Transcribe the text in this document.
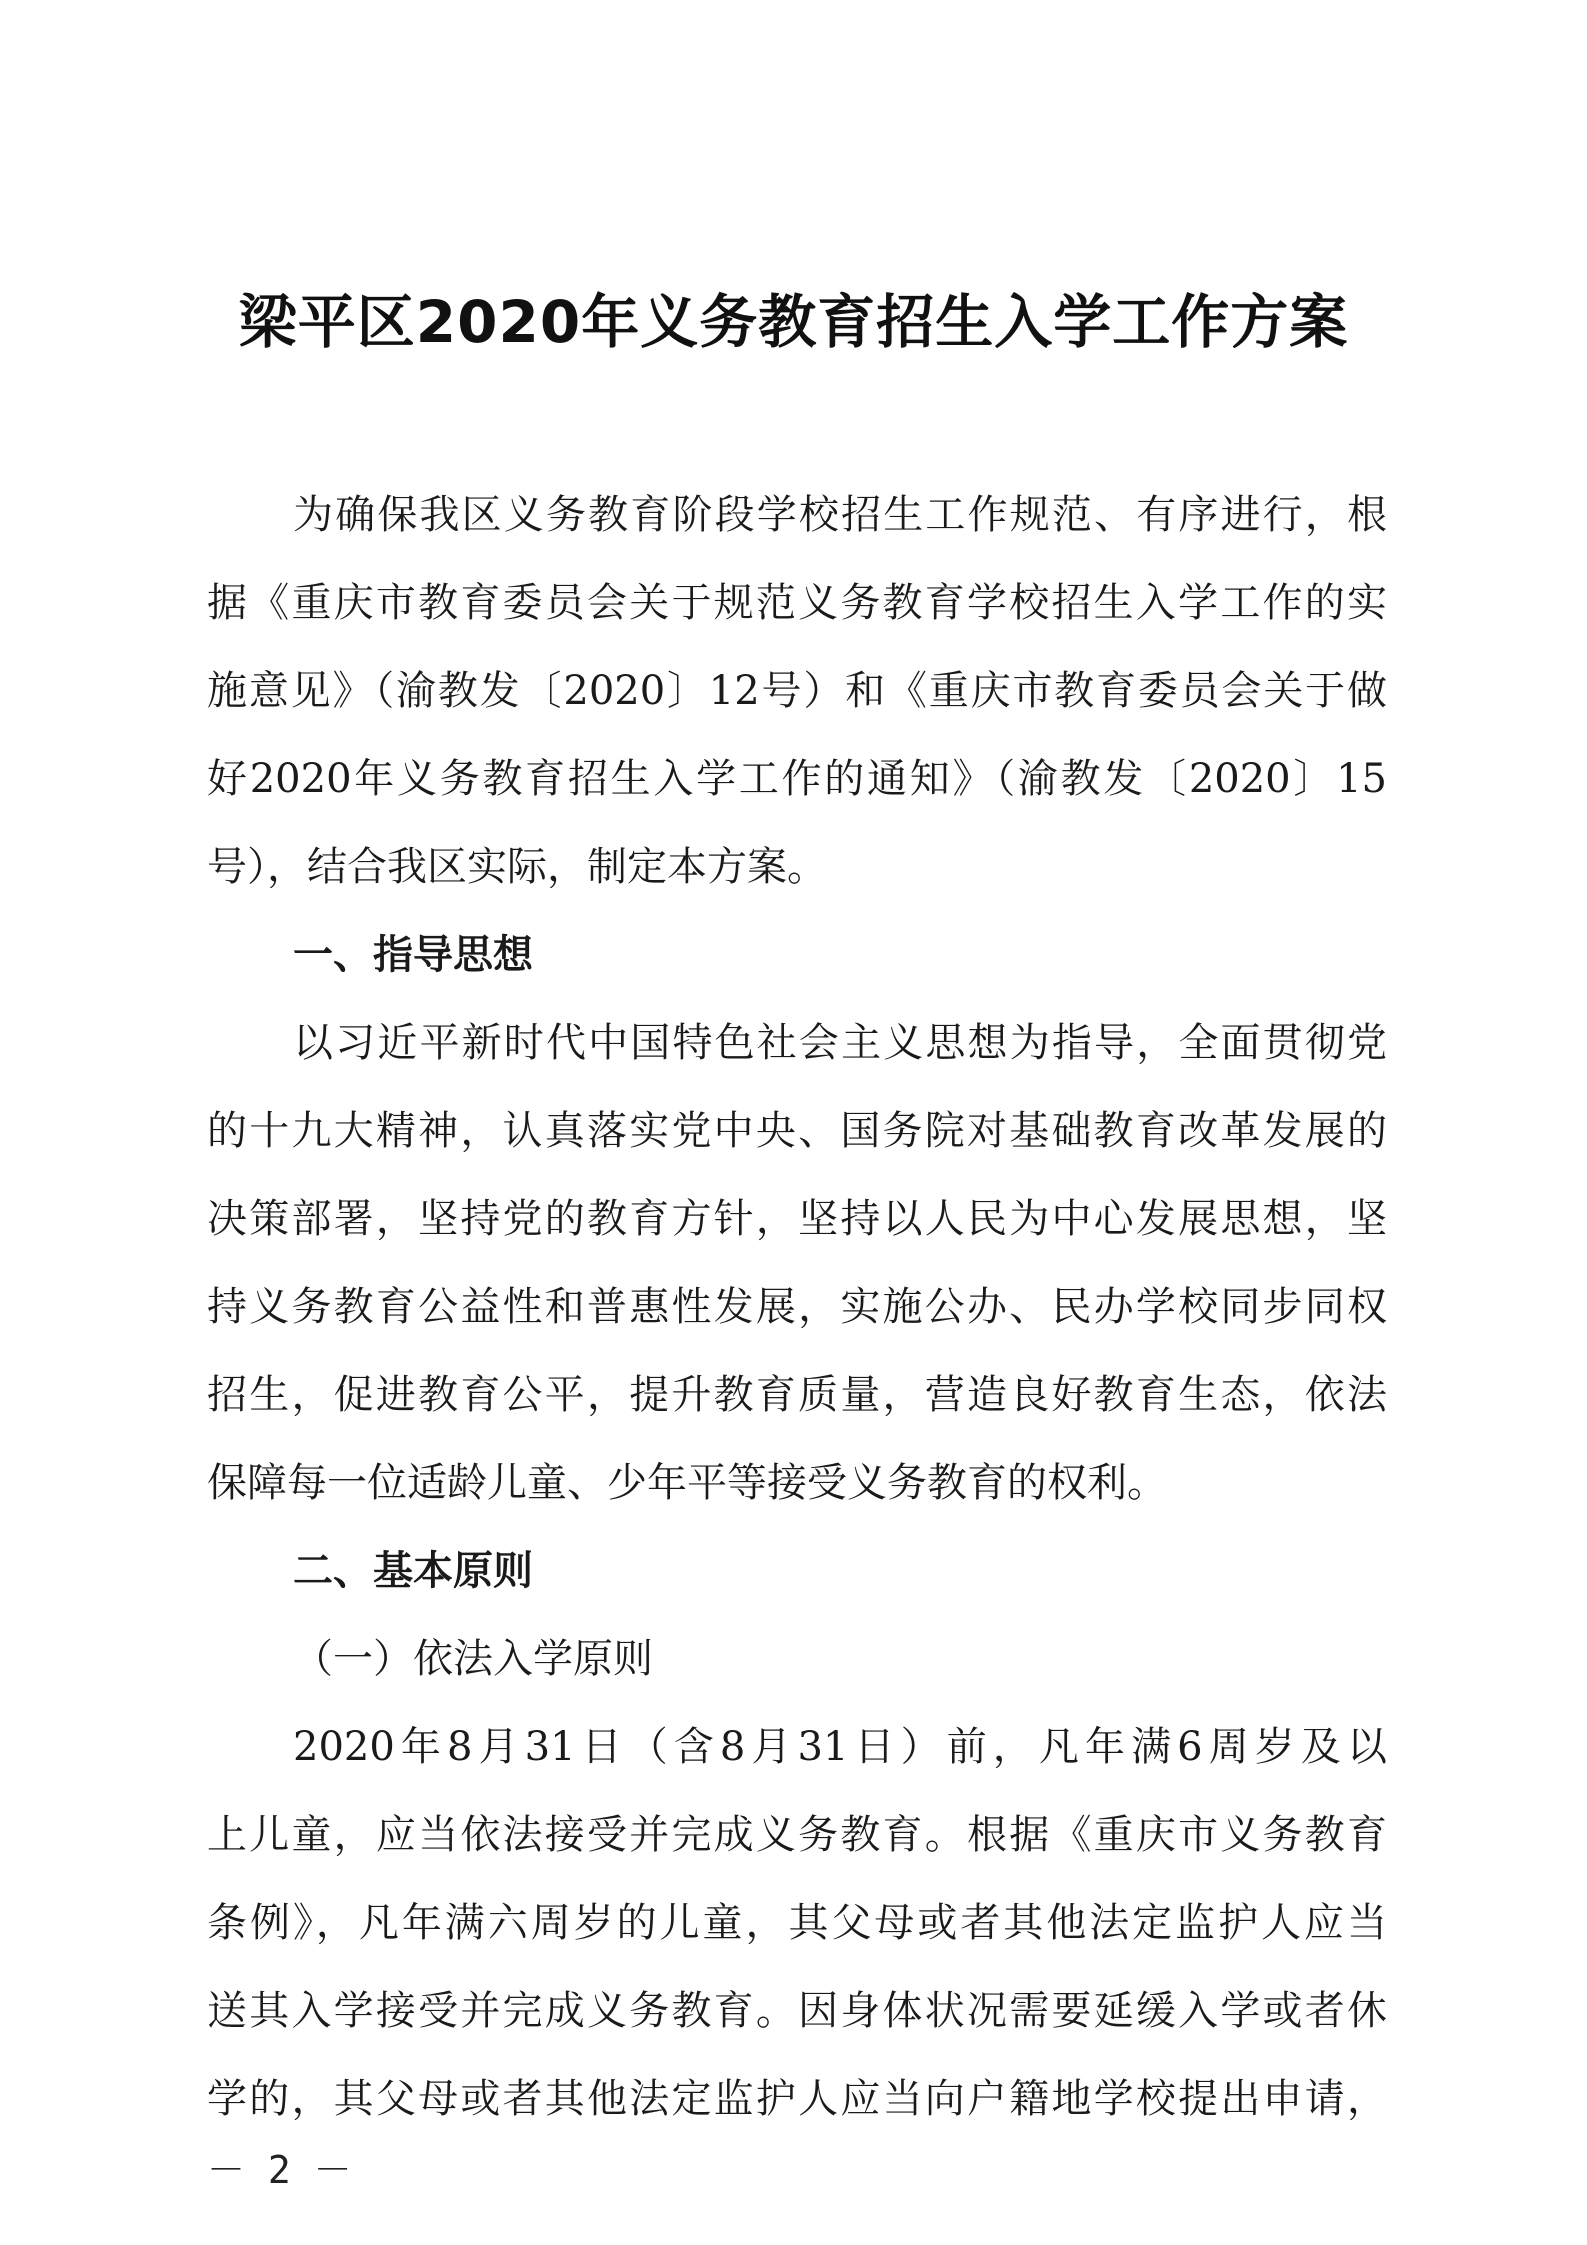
梁平区2020年义务教育招生入学工作方案
为确保我区义务教育阶段学校招生工作规范、有序进行，根
据《重庆市教育委员会关于规范义务教育学校招生入学工作的实
施意见》（渝教发〔2020〕12号）和《重庆市教育委员会关于做
好2020年义务教育招生入学工作的通知》（渝教发〔2020〕15
号），结合我区实际，制定本方案。
一、指导思想
以习近平新时代中国特色社会主义思想为指导，全面贯彻党
的十九大精神，认真落实党中央、国务院对基础教育改革发展的
决策部署，坚持党的教育方针，坚持以人民为中心发展思想，坚
持义务教育公益性和普惠性发展，实施公办、民办学校同步同权
招生，促进教育公平，提升教育质量，营造良好教育生态，依法
保障每一位适龄儿童、少年平等接受义务教育的权利。
二、基本原则
（一）依法入学原则
2020年8月31日（含8月31日）前，凡年满6周岁及以
上儿童，应当依法接受并完成义务教育。根据《重庆市义务教育
条例》，凡年满六周岁的儿童，其父母或者其他法定监护人应当
送其入学接受并完成义务教育。因身体状况需要延缓入学或者休
学的，其父母或者其他法定监护人应当向户籍地学校提出申请，
－ 2 －
